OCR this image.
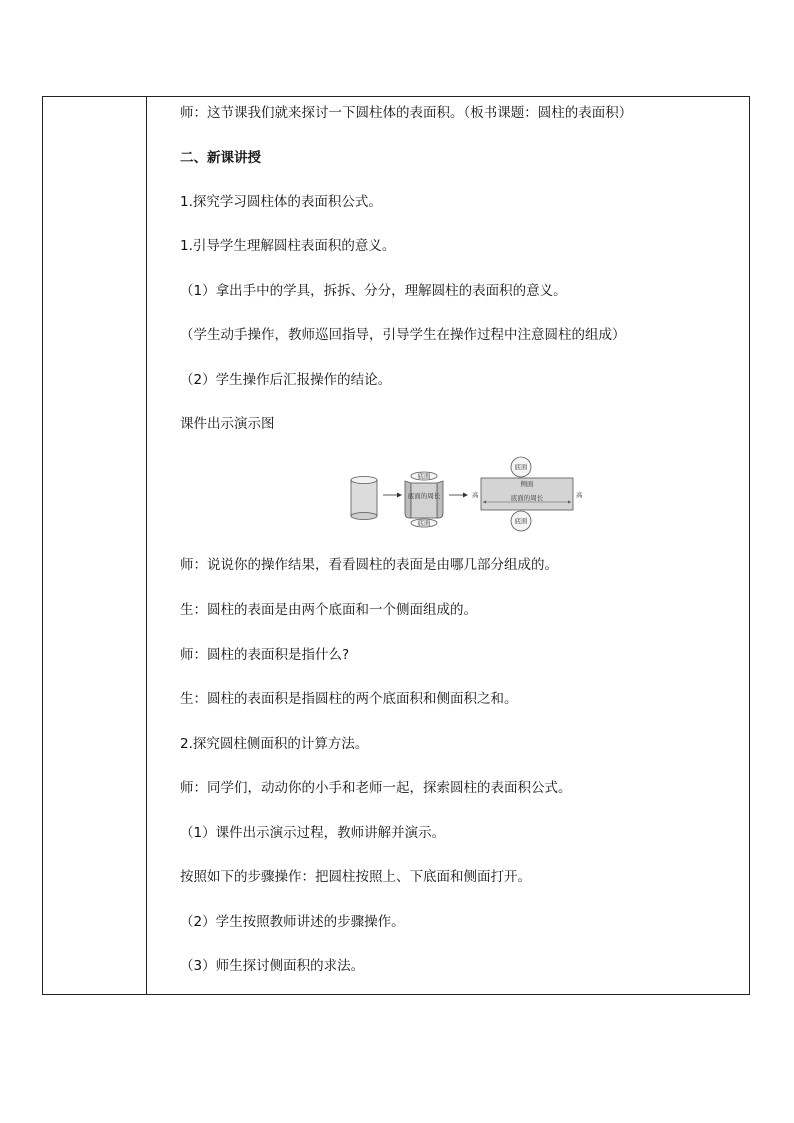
师：这节课我们就来探讨一下圆柱体的表面积。（板书课题：圆柱的表面积）
二、新课讲授
1.探究学习圆柱体的表面积公式。
1.引导学生理解圆柱表面积的意义。
（1）拿出手中的学具，拆拆、分分，理解圆柱的表面积的意义。
（学生动手操作，教师巡回指导，引导学生在操作过程中注意圆柱的组成）
（2）学生操作后汇报操作的结论。
课件出示演示图
底面
底面的周长
底面
高
侧面
底面的周长	高
底面
底面
师：说说你的操作结果，看看圆柱的表面是由哪几部分组成的。
生：圆柱的表面是由两个底面和一个侧面组成的。
师：圆柱的表面积是指什么?
生：圆柱的表面积是指圆柱的两个底面积和侧面积之和。
2.探究圆柱侧面积的计算方法。
师：同学们，动动你的小手和老师一起，探索圆柱的表面积公式。
（1）课件出示演示过程，教师讲解并演示。
按照如下的步骤操作：把圆柱按照上、下底面和侧面打开。
（2）学生按照教师讲述的步骤操作。
（3）师生探讨侧面积的求法。
